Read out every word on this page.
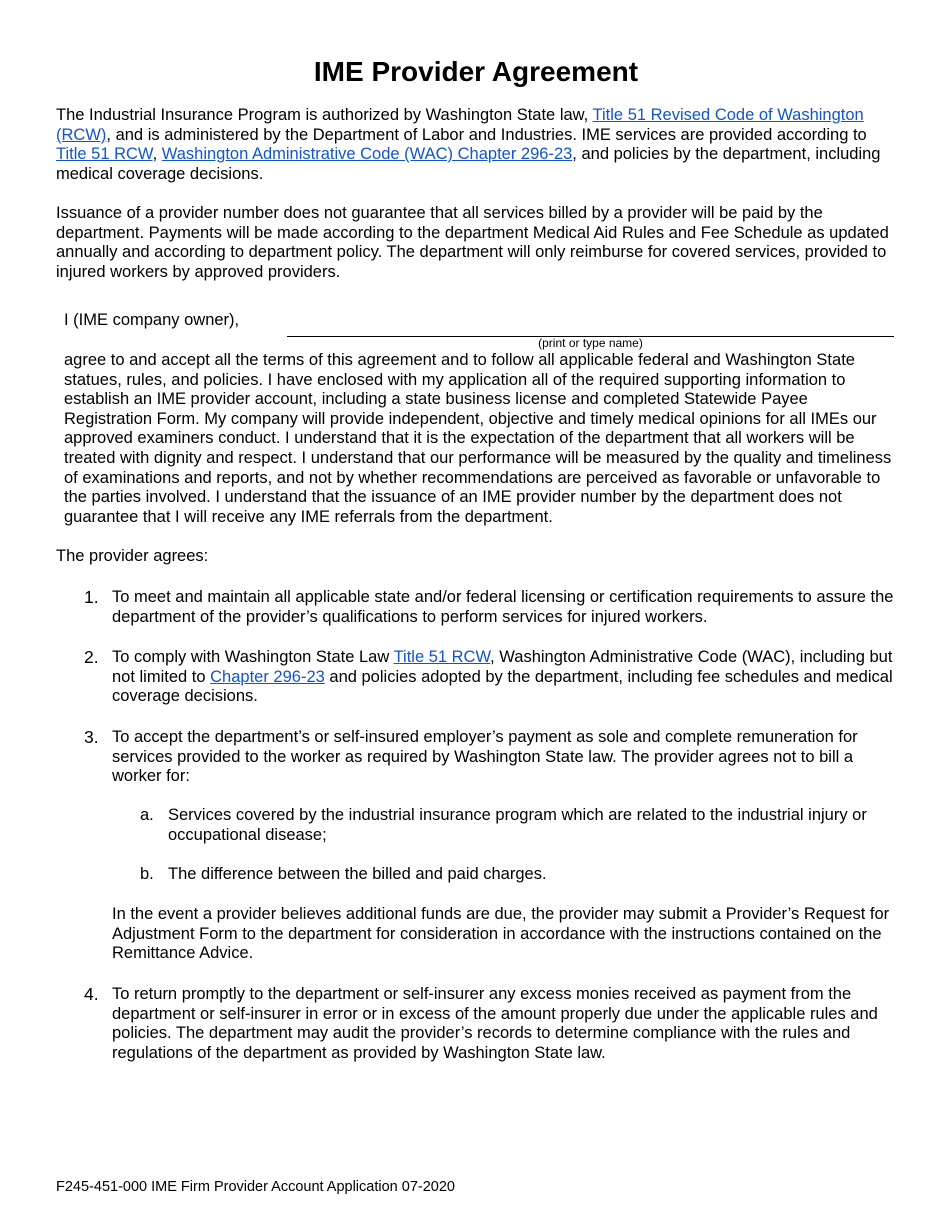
IME Provider Agreement
The Industrial Insurance Program is authorized by Washington State law, Title 51 Revised Code of Washington (RCW), and is administered by the Department of Labor and Industries. IME services are provided according to Title 51 RCW, Washington Administrative Code (WAC) Chapter 296-23, and policies by the department, including medical coverage decisions.
Issuance of a provider number does not guarantee that all services billed by a provider will be paid by the department. Payments will be made according to the department Medical Aid Rules and Fee Schedule as updated annually and according to department policy. The department will only reimburse for covered services, provided to injured workers by approved providers.
I (IME company owner),
(print or type name)
agree to and accept all the terms of this agreement and to follow all applicable federal and Washington State statues, rules, and policies. I have enclosed with my application all of the required supporting information to establish an IME provider account, including a state business license and completed Statewide Payee Registration Form. My company will provide independent, objective and timely medical opinions for all IMEs our approved examiners conduct. I understand that it is the expectation of the department that all workers will be treated with dignity and respect. I understand that our performance will be measured by the quality and timeliness of examinations and reports, and not by whether recommendations are perceived as favorable or unfavorable to the parties involved. I understand that the issuance of an IME provider number by the department does not guarantee that I will receive any IME referrals from the department.
The provider agrees:
1. To meet and maintain all applicable state and/or federal licensing or certification requirements to assure the department of the provider’s qualifications to perform services for injured workers.
2. To comply with Washington State Law Title 51 RCW, Washington Administrative Code (WAC), including but not limited to Chapter 296-23 and policies adopted by the department, including fee schedules and medical coverage decisions.
3. To accept the department’s or self-insured employer’s payment as sole and complete remuneration for services provided to the worker as required by Washington State law. The provider agrees not to bill a worker for:
a. Services covered by the industrial insurance program which are related to the industrial injury or occupational disease;
b. The difference between the billed and paid charges.
In the event a provider believes additional funds are due, the provider may submit a Provider’s Request for Adjustment Form to the department for consideration in accordance with the instructions contained on the Remittance Advice.
4. To return promptly to the department or self-insurer any excess monies received as payment from the department or self-insurer in error or in excess of the amount properly due under the applicable rules and policies. The department may audit the provider’s records to determine compliance with the rules and regulations of the department as provided by Washington State law.
F245-451-000 IME Firm Provider Account Application 07-2020
